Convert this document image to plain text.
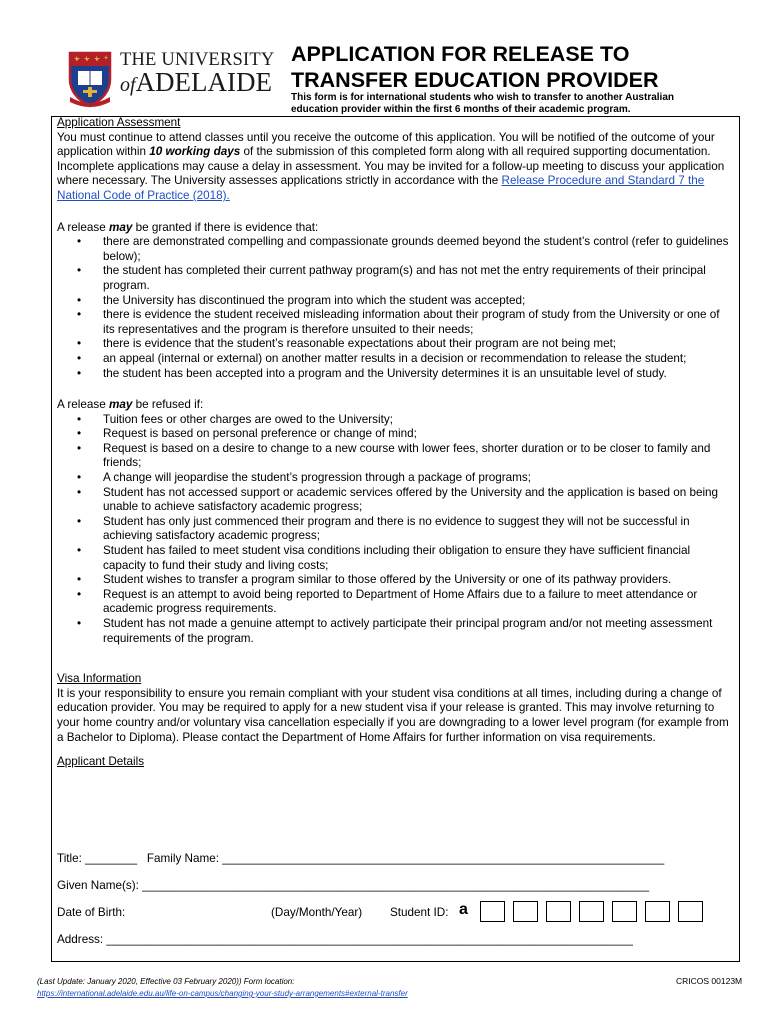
THE UNIVERSITY
ofADELAIDE
APPLICATION FOR RELEASE TO
TRANSFER EDUCATION PROVIDER
This form is for international students who wish to transfer to another Australian education provider within the first 6 months of their academic program.

Application Assessment

You must continue to attend classes until you receive the outcome of this application. You will be notified of the outcome of your application within 10 working days of the submission of this completed form along with all required supporting documentation. Incomplete applications may cause a delay in assessment. You may be invited for a follow-up meeting to discuss your application where necessary. The University assesses applications strictly in accordance with the Release Procedure and Standard 7 the National Code of Practice (2018).

A release may be granted if there is evidence that:

• there are demonstrated compelling and compassionate grounds deemed beyond the student’s control (refer to guidelines below);
• the student has completed their current pathway program(s) and has not met the entry requirements of their principal program.
• the University has discontinued the program into which the student was accepted;
• there is evidence the student received misleading information about their program of study from the University or one of its representatives and the program is therefore unsuited to their needs;
• there is evidence that the student’s reasonable expectations about their program are not being met;
• an appeal (internal or external) on another matter results in a decision or recommendation to release the student;
• the student has been accepted into a program and the University determines it is an unsuitable level of study.

A release may be refused if:

• Tuition fees or other charges are owed to the University;
• Request is based on personal preference or change of mind;
• Request is based on a desire to change to a new course with lower fees, shorter duration or to be closer to family and friends;
• A change will jeopardise the student’s progression through a package of programs;
• Student has not accessed support or academic services offered by the University and the application is based on being unable to achieve satisfactory academic progress;
• Student has only just commenced their program and there is no evidence to suggest they will not be successful in achieving satisfactory academic progress;
• Student has failed to meet student visa conditions including their obligation to ensure they have sufficient financial capacity to fund their study and living costs;
• Student wishes to transfer a program similar to those offered by the University or one of its pathway providers.
• Request is an attempt to avoid being reported to Department of Home Affairs due to a failure to meet attendance or academic progress requirements.
• Student has not made a genuine attempt to actively participate their principal program and/or not meeting assessment requirements of the program.

Visa Information

It is your responsibility to ensure you remain compliant with your student visa conditions at all times, including during a change of education provider. You may be required to apply for a new student visa if your release is granted. This may involve returning to your home country and/or voluntary visa cancellation especially if you are downgrading to a lower level program (for example from a Bachelor to Diploma). Please contact the Department of Home Affairs for further information on visa requirements.

Applicant Details

Title: ________ Family Name: ____________________________________________________________________
Given Name(s): ______________________________________________________________________________
Date of Birth:	(Day/Month/Year) Student ID: a
Address: _________________________________________________________________________________
(Last Update: January 2020, Effective 03 February 2020)) Form location:
https://international.adelaide.edu.au/life-on-campus/changing-your-study-arrangements#external-transfer
CRICOS 00123M
